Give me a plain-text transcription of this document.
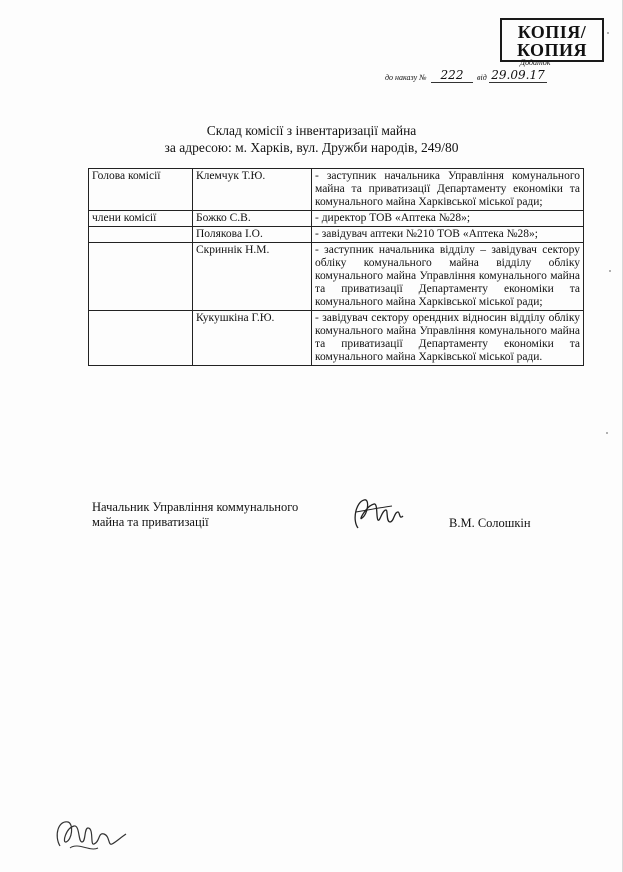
КОПІЯ/
КОПИЯ
Додаток
до наказу №	222	від 29.09.17
Склад комісії з інвентаризації майна
за адресою: м. Харків, вул. Дружби народів, 249/80
Голова комісії	Клемчук Т.Ю.	- заступник начальника Управління комунального майна та приватизації Департаменту економіки та комунального майна Харківської міської ради;
члени комісії	Божко С.В.	- директор ТОВ «Аптека №28»;
	Полякова І.О.	- завідувач аптеки №210 ТОВ «Аптека №28»;
	Скриннік Н.М.	- заступник начальника відділу – завідувач сектору обліку комунального майна відділу обліку комунального майна Управління комунального майна та приватизації Департаменту економіки та комунального майна Харківської міської ради;
	Кукушкіна Г.Ю.	- завідувач сектору орендних відносин відділу обліку комунального майна Управління комунального майна та приватизації Департаменту економіки та комунального майна Харківської міської ради.
Начальник Управління коммунального
майна та приватизації	В.М. Солошкін
